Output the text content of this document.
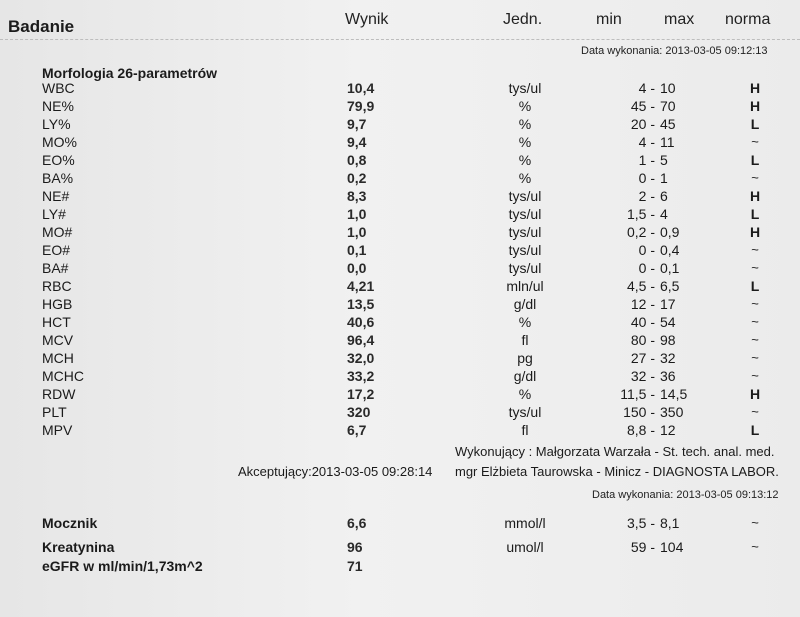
Badanie	Wynik	Jedn.	min	max norma
Data wykonania: 2013-03-05 09:12:13
Morfologia 26-parametrów
WBC	10,4	tys/ul	4 - 10	H
NE%	79,9	%	45 - 70	H
LY%	9,7	%	20 - 45	L
MO%	9,4	%	4 - 11	~
EO%	0,8	%	1 - 5	L
BA%	0,2	%	0 - 1	~
NE#	8,3	tys/ul	2 - 6	H
LY#	1,0	tys/ul	1,5 - 4	L
MO#	1,0	tys/ul	0,2 - 0,9	H
EO#	0,1	tys/ul	0 - 0,4	~
BA#	0,0	tys/ul	0 - 0,1	~
RBC	4,21	mln/ul	4,5 - 6,5	L
HGB	13,5	g/dl	12 - 17	~
HCT	40,6	%	40 - 54	~
MCV	96,4	fl	80 - 98	~
MCH	32,0	pg	27 - 32	~
MCHC	33,2	g/dl	32 - 36	~
RDW	17,2	%	11,5 - 14,5	H
PLT	320	tys/ul	150 - 350	~
MPV	6,7	fl	8,8 - 12	L
Wykonujący : Małgorzata Warzała - St. tech. anal. med.
Akceptujący:2013-03-05 09:28:14 mgr Elżbieta Taurowska - Minicz - DIAGNOSTA LABOR.
Data wykonania: 2013-03-05 09:13:12
Mocznik	6,6	mmol/l	3,5 - 8,1	~
Kreatynina	96	umol/l	59 - 104	~
eGFR w ml/min/1,73m^2	71
